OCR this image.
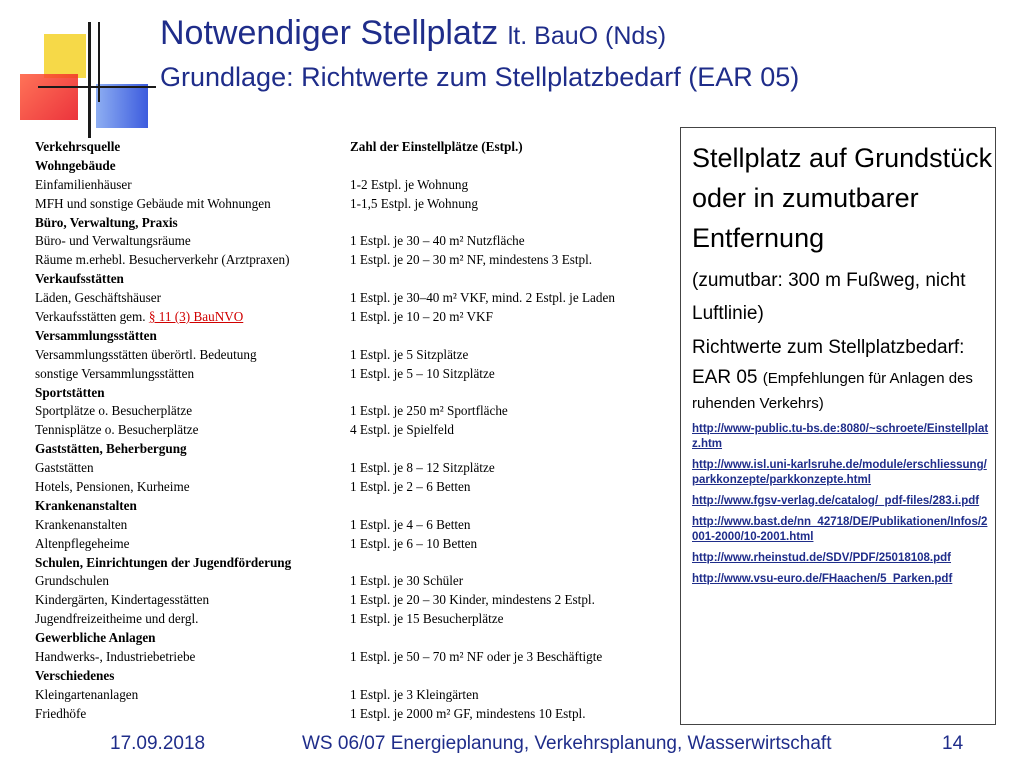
Notwendiger Stellplatz lt. BauO (Nds)
Grundlage: Richtwerte zum Stellplatzbedarf (EAR 05)
Verkehrsquelle	Zahl der Einstellplätze (Estpl.)
Wohngebäude
Einfamilienhäuser	1-2 Estpl. je Wohnung
MFH und sonstige Gebäude mit Wohnungen	1-1,5 Estpl. je Wohnung
Büro, Verwaltung, Praxis
Büro- und Verwaltungsräume	1 Estpl. je 30 – 40 m² Nutzfläche
Räume m.erhebl. Besucherverkehr (Arztpraxen)	1 Estpl. je 20 – 30 m² NF, mindestens 3 Estpl.
Verkaufsstätten
Läden, Geschäftshäuser	1 Estpl. je 30–40 m² VKF, mind. 2 Estpl. je Laden
Verkaufsstätten gem. § 11 (3) BauNVO	1 Estpl. je 10 – 20 m² VKF
Versammlungsstätten
Versammlungsstätten überörtl. Bedeutung	1 Estpl. je 5 Sitzplätze
sonstige Versammlungsstätten	1 Estpl. je 5 – 10 Sitzplätze
Sportstätten
Sportplätze o. Besucherplätze	1 Estpl. je 250 m² Sportfläche
Tennisplätze o. Besucherplätze	4 Estpl. je Spielfeld
Gaststätten, Beherbergung
Gaststätten	1 Estpl. je 8 – 12 Sitzplätze
Hotels, Pensionen, Kurheime	1 Estpl. je 2 – 6 Betten
Krankenanstalten
Krankenanstalten	1 Estpl. je 4 – 6 Betten
Altenpflegeheime	1 Estpl. je 6 – 10 Betten
Schulen, Einrichtungen der Jugendförderung
Grundschulen	1 Estpl. je 30 Schüler
Kindergärten, Kindertagesstätten	1 Estpl. je 20 – 30 Kinder, mindestens 2 Estpl.
Jugendfreizeitheime und dergl.	1 Estpl. je 15 Besucherplätze
Gewerbliche Anlagen
Handwerks-, Industriebetriebe	1 Estpl. je 50 – 70 m² NF oder je 3 Beschäftigte
Verschiedenes
Kleingartenanlagen	1 Estpl. je 3 Kleingärten
Friedhöfe	1 Estpl. je 2000 m² GF, mindestens 10 Estpl.
Stellplatz auf Grundstück oder in zumutbarer Entfernung
(zumutbar: 300 m Fußweg, nicht Luftlinie)
Richtwerte zum Stellplatzbedarf:
EAR 05 (Empfehlungen für Anlagen des ruhenden Verkehrs)
http://www-public.tu-bs.de:8080/~schroete/Einstellplatz.htm
http://www.isl.uni-karlsruhe.de/module/erschliessung/parkkonzepte/parkkonzepte.html
http://www.fgsv-verlag.de/catalog/_pdf-files/283.i.pdf
http://www.bast.de/nn_42718/DE/Publikationen/Infos/2001-2000/10-2001.html
http://www.rheinstud.de/SDV/PDF/25018108.pdf
http://www.vsu-euro.de/FHaachen/5_Parken.pdf
17.09.2018	WS 06/07 Energieplanung, Verkehrsplanung, Wasserwirtschaft	14
